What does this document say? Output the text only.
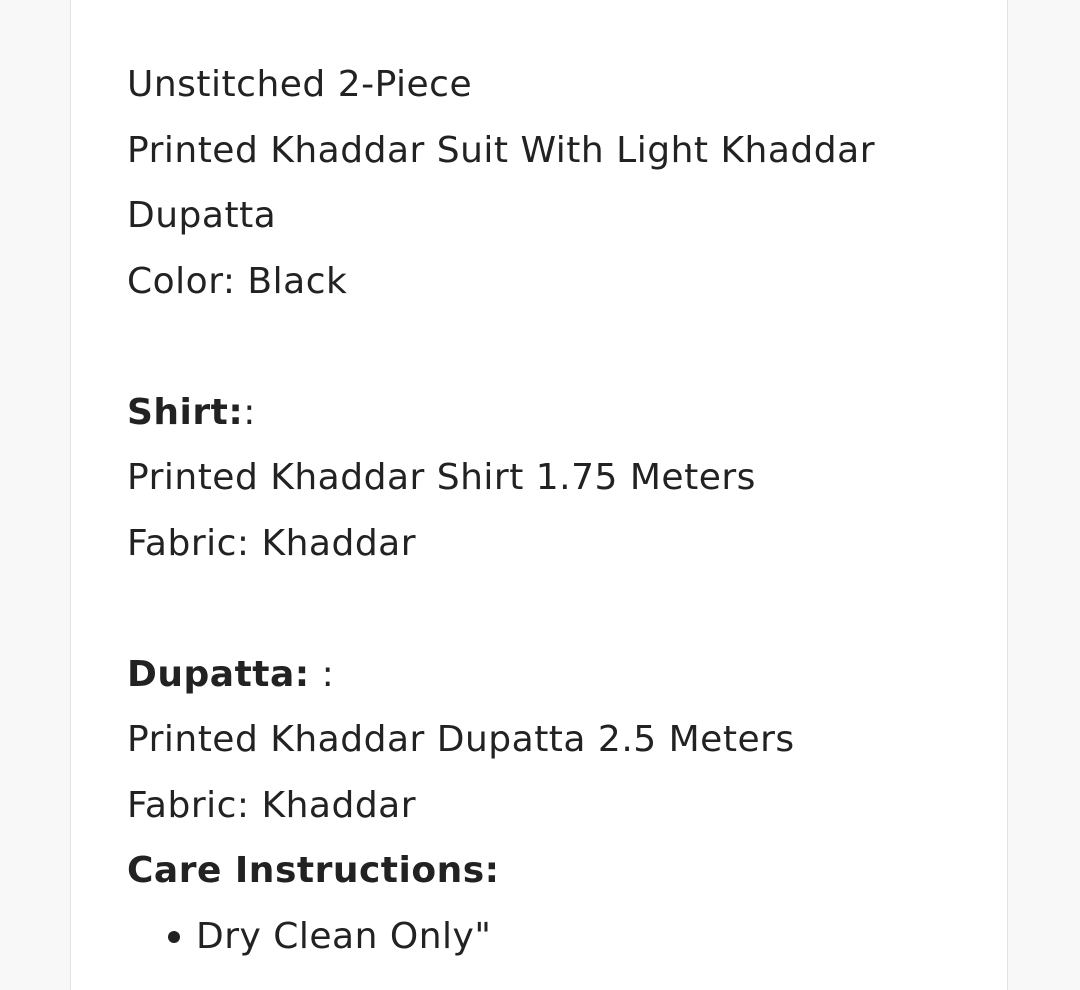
Unstitched 2-Piece
Printed Khaddar Suit With Light Khaddar
Dupatta
Color: Black
Shirt::
Printed Khaddar Shirt 1.75 Meters
Fabric: Khaddar
Dupatta: :
Printed Khaddar Dupatta 2.5 Meters
Fabric: Khaddar
Care Instructions:
Dry Clean Only"
